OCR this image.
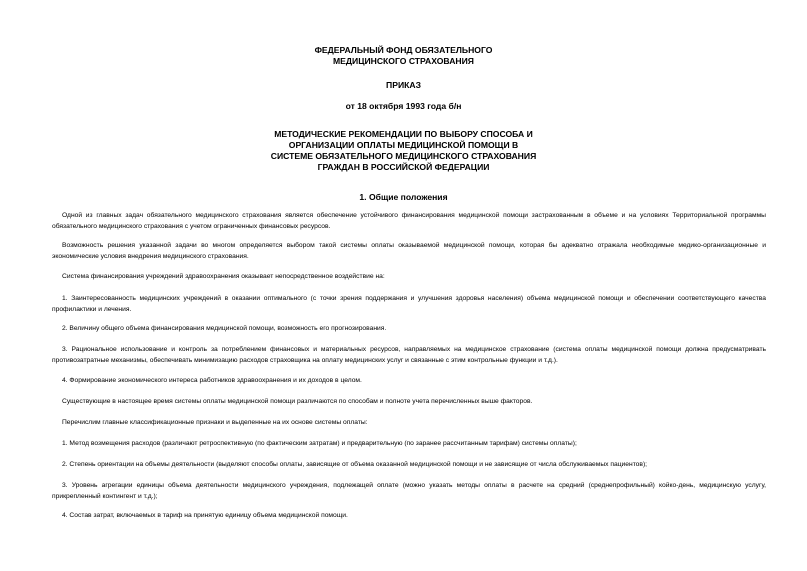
ФЕДЕРАЛЬНЫЙ ФОНД ОБЯЗАТЕЛЬНОГО
МЕДИЦИНСКОГО СТРАХОВАНИЯ
ПРИКАЗ
от 18 октября 1993 года б/н
МЕТОДИЧЕСКИЕ РЕКОМЕНДАЦИИ ПО ВЫБОРУ СПОСОБА И
ОРГАНИЗАЦИИ ОПЛАТЫ МЕДИЦИНСКОЙ ПОМОЩИ В
СИСТЕМЕ ОБЯЗАТЕЛЬНОГО МЕДИЦИНСКОГО СТРАХОВАНИЯ
ГРАЖДАН В РОССИЙСКОЙ ФЕДЕРАЦИИ
1. Общие положения

Одной из главных задач обязательного медицинского страхования является обеспечение устойчивого финансирования медицинской помощи застрахованным в объеме и на условиях Территориальной программы обязательного медицинского страхования с учетом ограниченных финансовых ресурсов.

Возможность решения указанной задачи во многом определяется выбором такой системы оплаты оказываемой медицинской помощи, которая бы адекватно отражала необходимые медико-организационные и экономические условия внедрения медицинского страхования.

Система финансирования учреждений здравоохранения оказывает непосредственное воздействие на:

1. Заинтересованность медицинских учреждений в оказании оптимального (с точки зрения поддержания и улучшения здоровья населения) объема медицинской помощи и обеспечении соответствующего качества профилактики и лечения.

2. Величину общего объема финансирования медицинской помощи, возможность его прогнозирования.

3. Рациональное использование и контроль за потреблением финансовых и материальных ресурсов, направляемых на медицинское страхование (система оплаты медицинской помощи должна предусматривать противозатратные механизмы, обеспечивать минимизацию расходов страховщика на оплату медицинских услуг и связанные с этим контрольные функции и т.д.).

4. Формирование экономического интереса работников здравоохранения и их доходов в целом.

Существующие в настоящее время системы оплаты медицинской помощи различаются по способам и полноте учета перечисленных выше факторов.

Перечислим главные классификационные признаки и выделенные на их основе системы оплаты:

1. Метод возмещения расходов (различают ретроспективную (по фактическим затратам) и предварительную (по заранее рассчитанным тарифам) системы оплаты);

2. Степень ориентации на объемы деятельности (выделяют способы оплаты, зависящие от объема оказанной медицинской помощи и не зависящие от числа обслуживаемых пациентов);

3. Уровень агрегации единицы объема деятельности медицинского учреждения, подлежащей оплате (можно указать методы оплаты в расчете на средний (среднепрофильный) койко-день, медицинскую услугу, прикрепленный контингент и т.д.);

4. Состав затрат, включаемых в тариф на принятую единицу объема медицинской помощи.
